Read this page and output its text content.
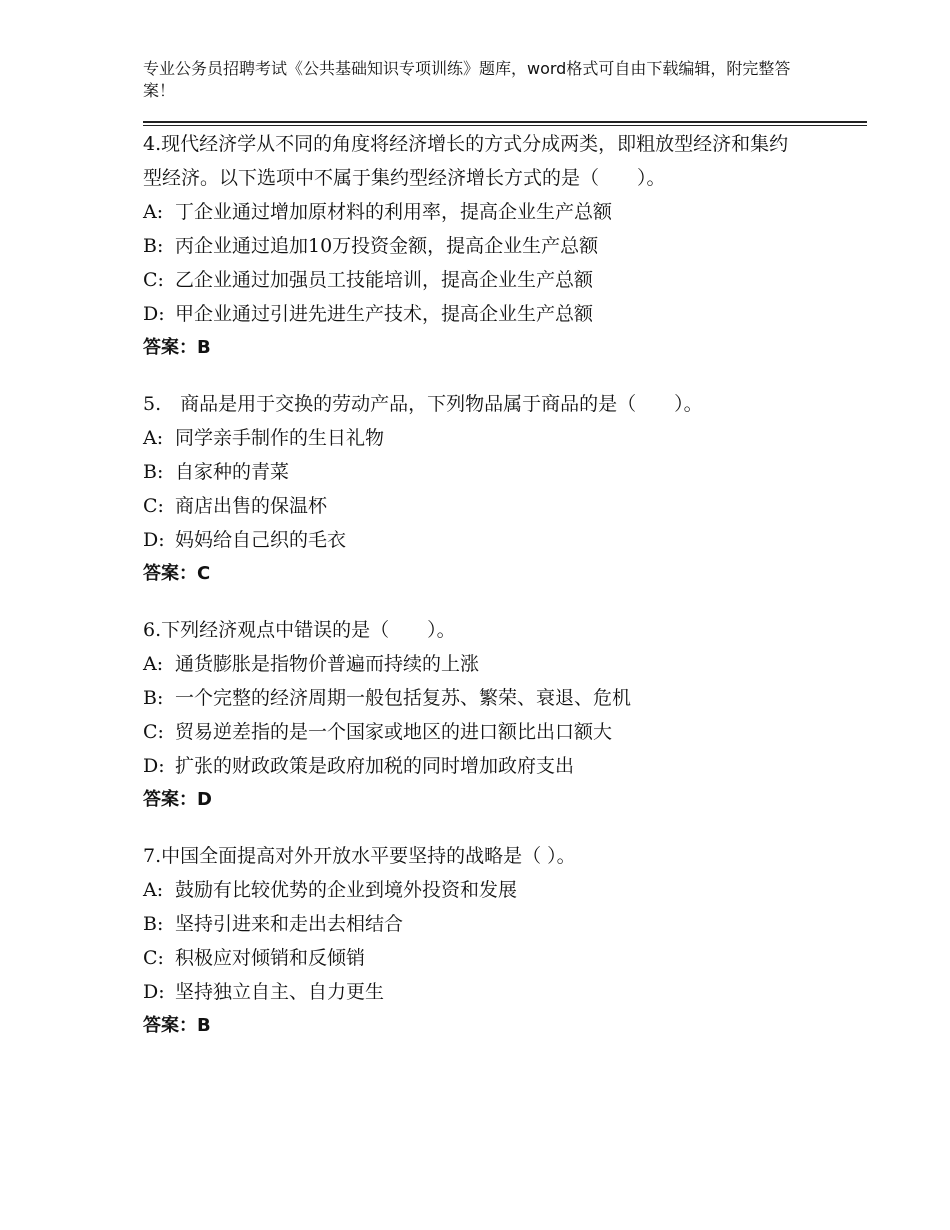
专业公务员招聘考试《公共基础知识专项训练》题库，word格式可自由下载编辑，附完整答案！
4.现代经济学从不同的角度将经济增长的方式分成两类，即粗放型经济和集约型经济。以下选项中不属于集约型经济增长方式的是（　　）。
A: 丁企业通过增加原材料的利用率，提高企业生产总额
B: 丙企业通过追加10万投资金额，提高企业生产总额
C: 乙企业通过加强员工技能培训，提高企业生产总额
D: 甲企业通过引进先进生产技术，提高企业生产总额
答案：B
5.　商品是用于交换的劳动产品，下列物品属于商品的是（　　）。
A: 同学亲手制作的生日礼物
B: 自家种的青菜
C: 商店出售的保温杯
D: 妈妈给自己织的毛衣
答案：C
6.下列经济观点中错误的是（　　）。
A: 通货膨胀是指物价普遍而持续的上涨
B: 一个完整的经济周期一般包括复苏、繁荣、衰退、危机
C: 贸易逆差指的是一个国家或地区的进口额比出口额大
D: 扩张的财政政策是政府加税的同时增加政府支出
答案：D
7.中国全面提高对外开放水平要坚持的战略是（ ）。
A: 鼓励有比较优势的企业到境外投资和发展
B: 坚持引进来和走出去相结合
C: 积极应对倾销和反倾销
D: 坚持独立自主、自力更生
答案：B
